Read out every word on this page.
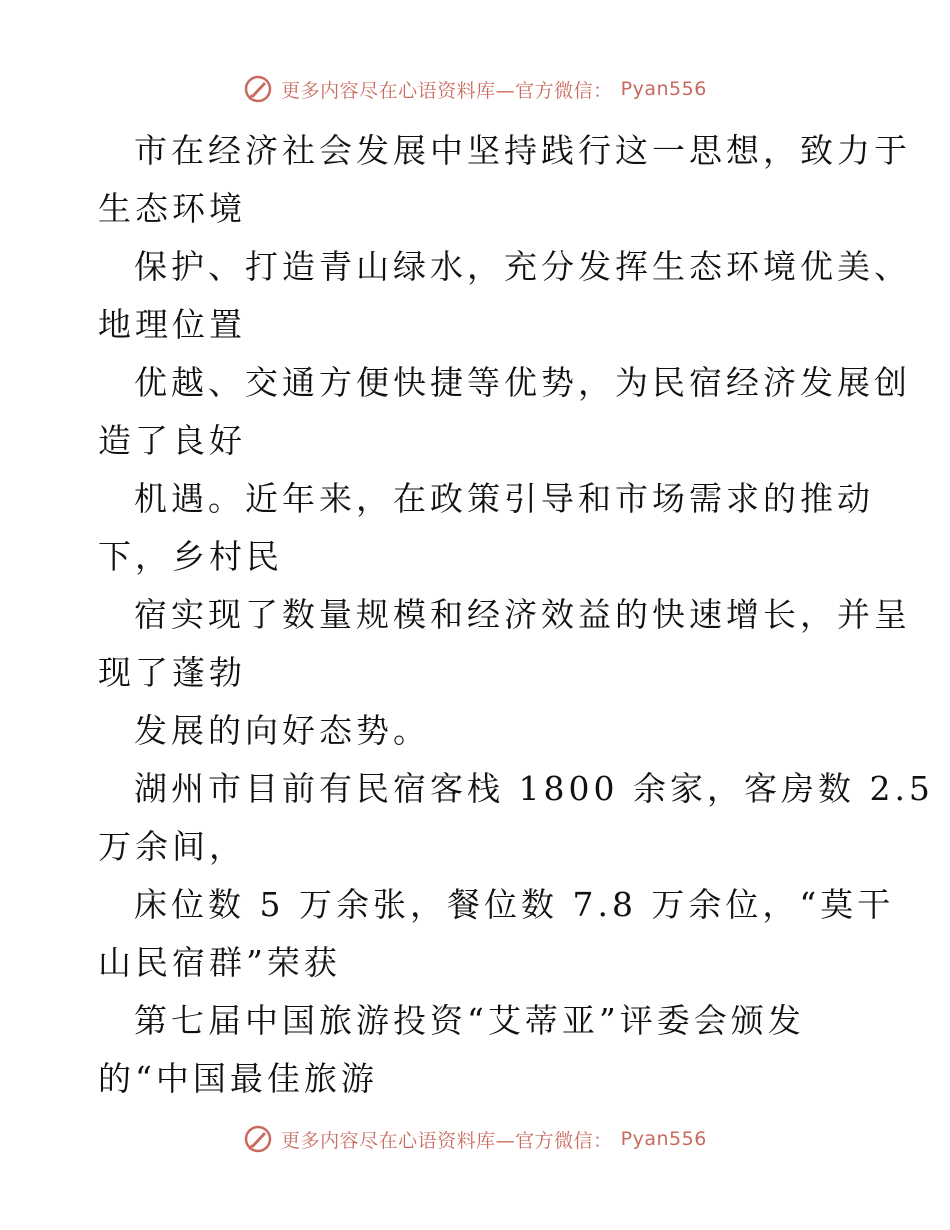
更多内容尽在心语资料库—官方微信： Pyan556
市在经济社会发展中坚持践行这一思想，致力于
生态环境
保护、打造青山绿水，充分发挥生态环境优美、
地理位置
优越、交通方便快捷等优势，为民宿经济发展创
造了良好
机遇。近年来，在政策引导和市场需求的推动
下，乡村民
宿实现了数量规模和经济效益的快速增长，并呈
现了蓬勃
发展的向好态势。
湖州市目前有民宿客栈 1800 余家，客房数 2.5
万余间，
床位数 5 万余张，餐位数 7.8 万余位，“莫干
山民宿群”荣获
第七届中国旅游投资“艾蒂亚”评委会颁发
的“中国最佳旅游
更多内容尽在心语资料库—官方微信： Pyan556
